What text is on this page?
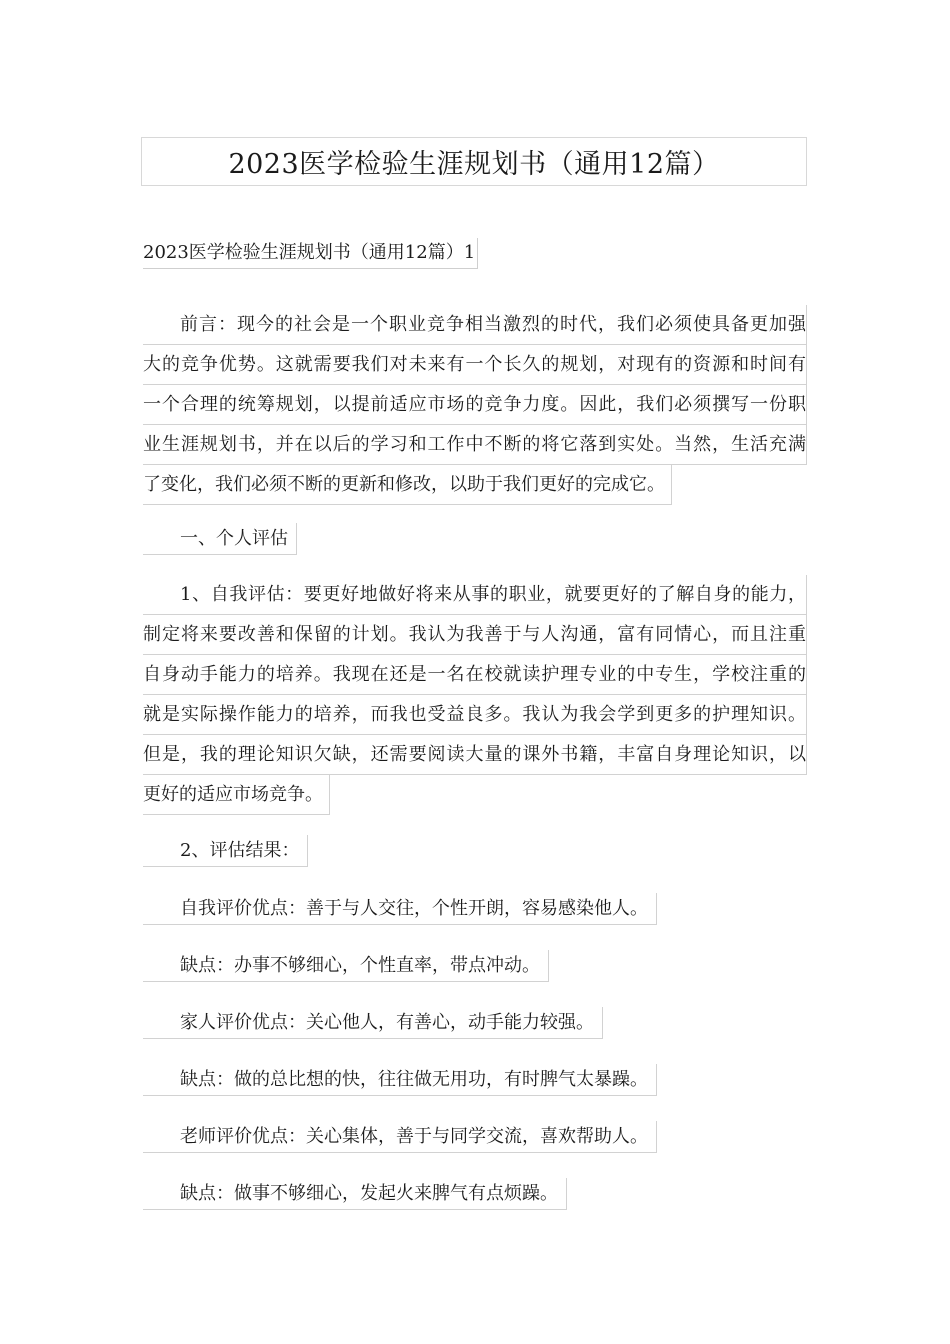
2023医学检验生涯规划书（通用12篇）
2023医学检验生涯规划书（通用12篇）1
前言：现今的社会是一个职业竞争相当激烈的时代，我们必须使具备更加强
大的竞争优势。这就需要我们对未来有一个长久的规划，对现有的资源和时间有
一个合理的统筹规划，以提前适应市场的竞争力度。因此，我们必须撰写一份职
业生涯规划书，并在以后的学习和工作中不断的将它落到实处。当然，生活充满
了变化，我们必须不断的更新和修改，以助于我们更好的完成它。
一、个人评估
1、自我评估：要更好地做好将来从事的职业，就要更好的了解自身的能力，
制定将来要改善和保留的计划。我认为我善于与人沟通，富有同情心，而且注重
自身动手能力的培养。我现在还是一名在校就读护理专业的中专生，学校注重的
就是实际操作能力的培养，而我也受益良多。我认为我会学到更多的护理知识。
但是，我的理论知识欠缺，还需要阅读大量的课外书籍，丰富自身理论知识，以
更好的适应市场竞争。
2、评估结果：
自我评价优点：善于与人交往，个性开朗，容易感染他人。
缺点：办事不够细心，个性直率，带点冲动。
家人评价优点：关心他人，有善心，动手能力较强。
缺点：做的总比想的快，往往做无用功，有时脾气太暴躁。
老师评价优点：关心集体，善于与同学交流，喜欢帮助人。
缺点：做事不够细心，发起火来脾气有点烦躁。
